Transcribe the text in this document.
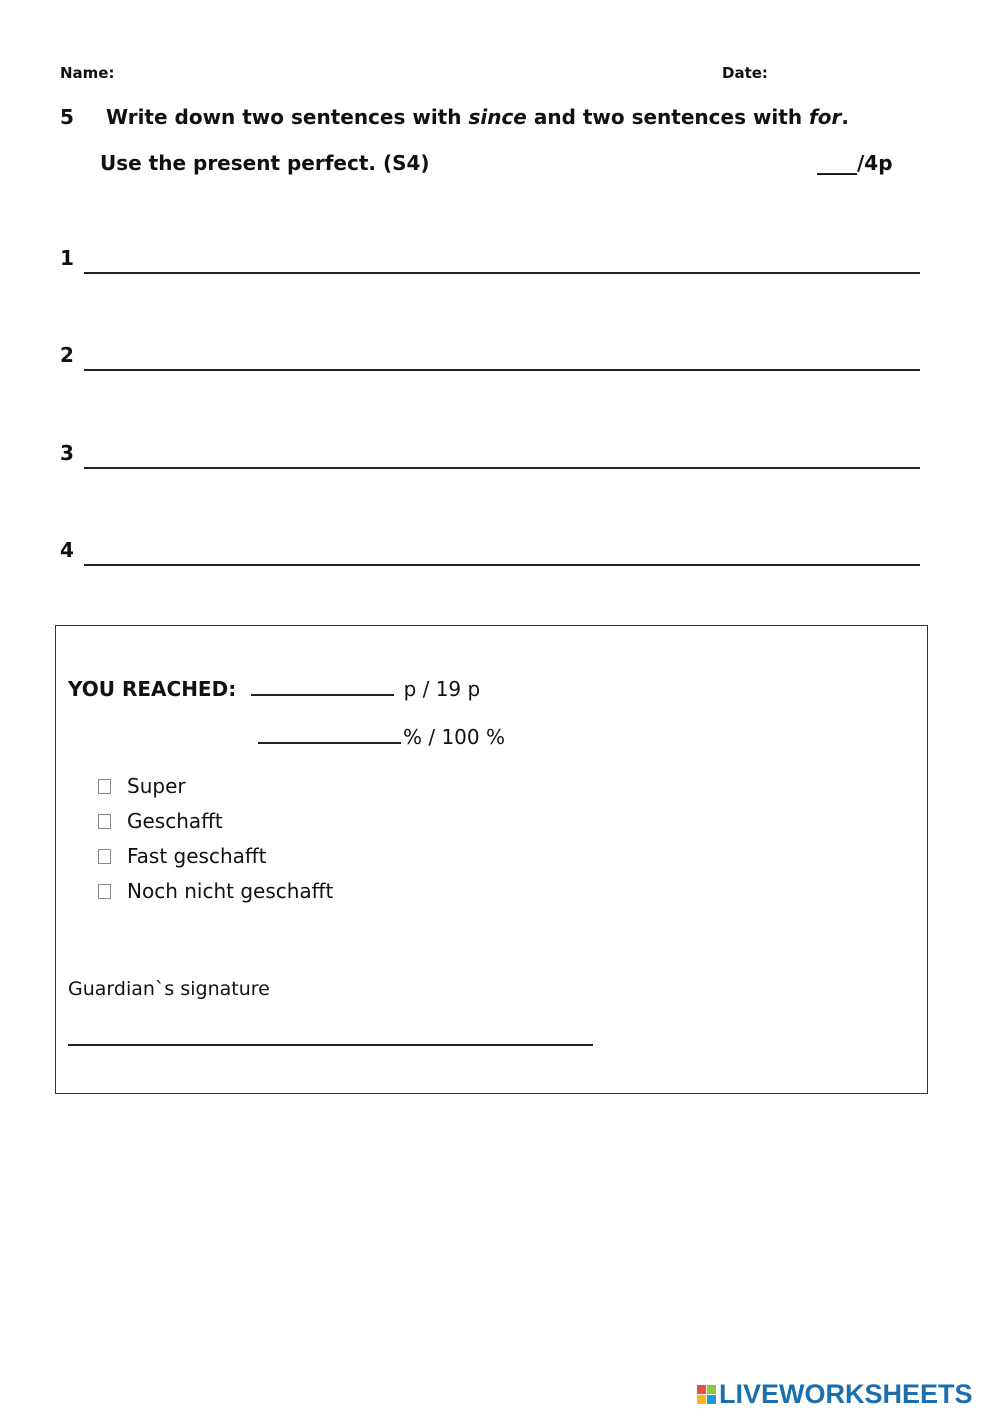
Name:	Date:
5 Write down two sentences with since and two sentences with for.
Use the present perfect. (S4)	____/4p
1
2
3
4
YOU REACHED:	p / 19 p
% / 100 %
Super
Geschafft
Fast geschafft
Noch nicht geschafft
Guardian`s signature
LIVEWORKSHEETS
